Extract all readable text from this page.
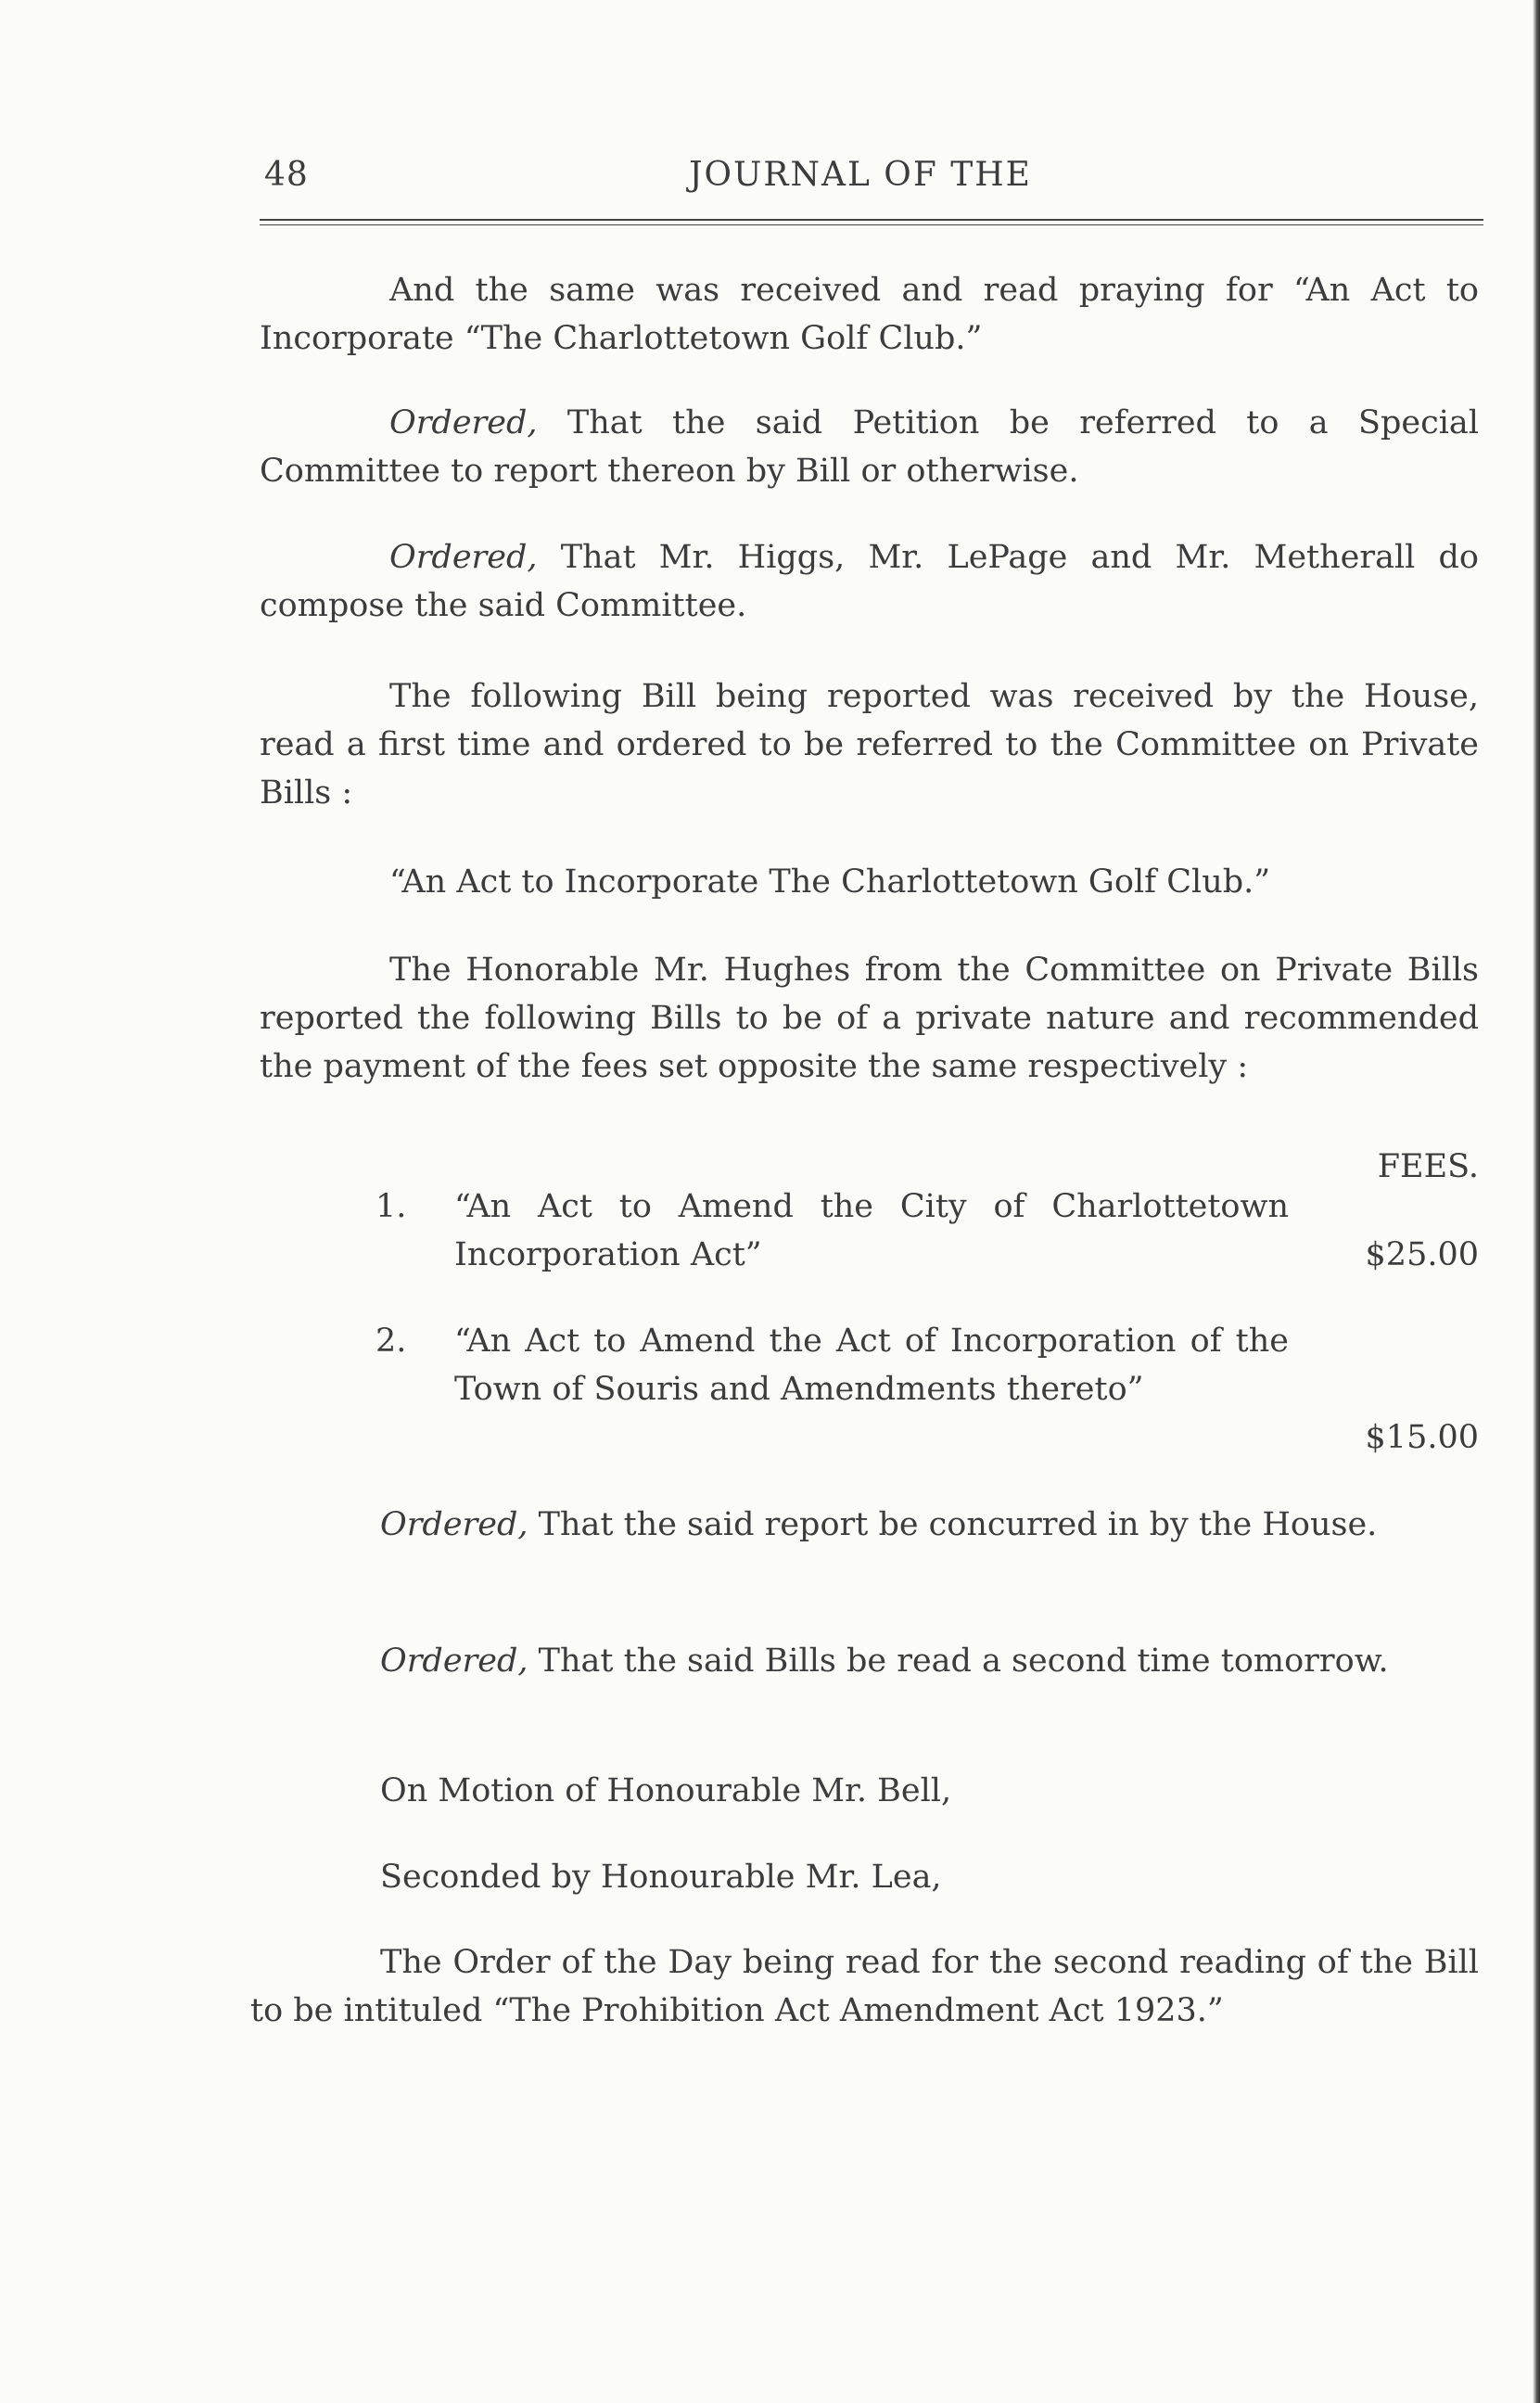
48	JOURNAL OF THE

And the same was received and read praying for “An Act to Incorporate “The Charlottetown Golf Club.”

Ordered, That the said Petition be referred to a Special Committee to report thereon by Bill or otherwise.

Ordered, That Mr. Higgs, Mr. LePage and Mr. Metherall do compose the said Committee.

The following Bill being reported was received by the House, read a first time and ordered to be referred to the Committee on Private Bills :

“An Act to Incorporate The Charlottetown Golf Club.”

The Honorable Mr. Hughes from the Committee on Private Bills reported the following Bills to be of a private nature and recommended the payment of the fees set opposite the same respectively :

FEES.
1. “An Act to Amend the City of Charlottetown Incorporation Act”	$25.00
2. “An Act to Amend the Act of Incorporation of the Town of Souris and Amendments thereto”
$15.00

Ordered, That the said report be concurred in by the House.

Ordered, That the said Bills be read a second time tomorrow.

On Motion of Honourable Mr. Bell,

Seconded by Honourable Mr. Lea,

The Order of the Day being read for the second reading of the Bill to be intituled “The Prohibition Act Amendment Act 1923.”
